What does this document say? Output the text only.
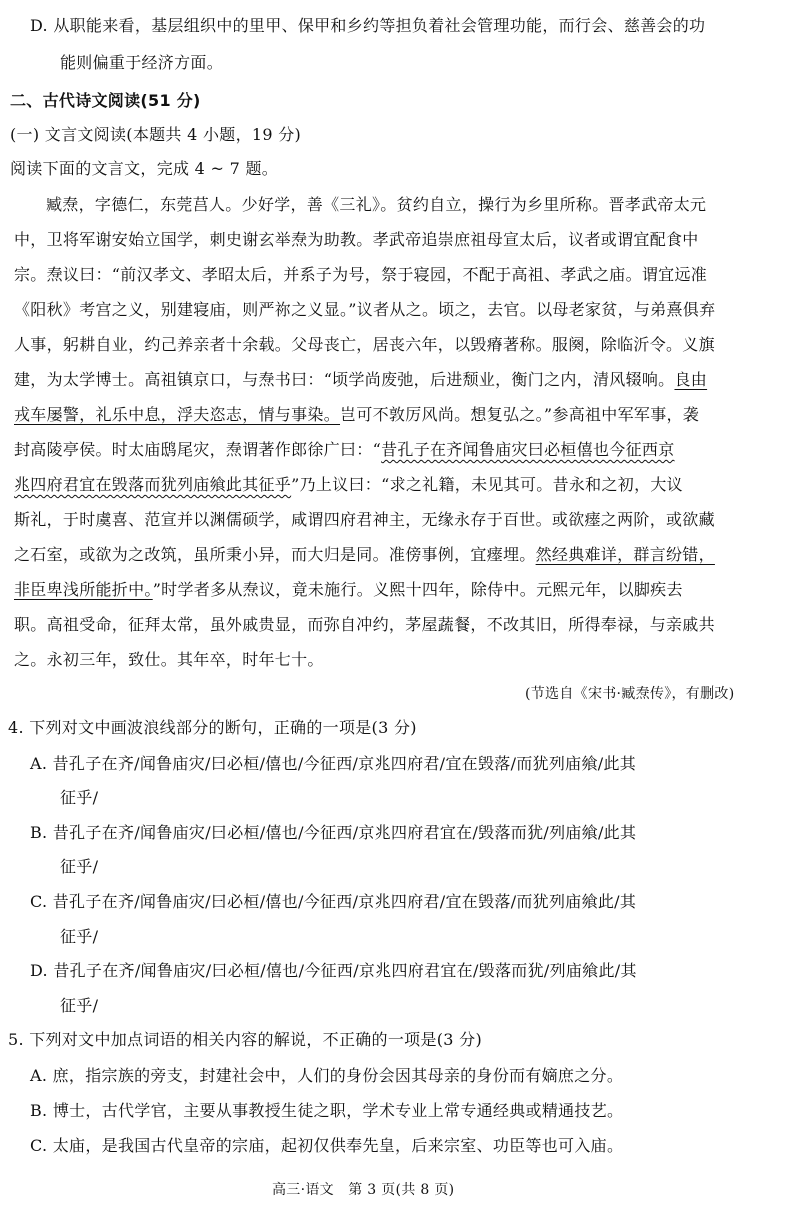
D. 从职能来看，基层组织中的里甲、保甲和乡约等担负着社会管理功能，而行会、慈善会的功

能则偏重于经济方面。

二、古代诗文阅读(51 分)

(一) 文言文阅读(本题共 4 小题，19 分)

阅读下面的文言文，完成 4 ~ 7 题。

臧焘，字德仁，东莞莒人。少好学，善《三礼》。贫约自立，操行为乡里所称。晋孝武帝太元

中，卫将军谢安始立国学，刺史谢玄举焘为助教。孝武帝追崇庶祖母宣太后，议者或谓宜配食中

宗。焘议曰：“前汉孝文、孝昭太后，并系子为号，祭于寝园，不配于高祖、孝武之庙。谓宜远准

《阳秋》考宫之义，别建寝庙，则严祢之义显。”议者从之。顷之，去官。以母老家贫，与弟熹俱弃

人事，躬耕自业，约己养亲者十余载。父母丧亡，居丧六年，以毁瘠著称。服阕，除临沂令。义旗

建，为太学博士。高祖镇京口，与焘书曰：“顷学尚废弛，后进颓业，衡门之内，清风辍响。良由

戎车屡警，礼乐中息，浮夫恣志，情与事染。岂可不敦厉风尚。想复弘之。”参高祖中军军事，袭

封高陵亭侯。时太庙鸱尾灾，焘谓著作郎徐广曰：“昔孔子在齐闻鲁庙灾曰必桓僖也今征西京

兆四府君宜在毁落而犹列庙飨此其征乎”乃上议曰：“求之礼籍，未见其可。昔永和之初，大议

斯礼，于时虞喜、范宣并以渊儒硕学，咸谓四府君神主，无缘永存于百世。或欲瘗之两阶，或欲藏

之石室，或欲为之改筑，虽所秉小异，而大归是同。准傍事例，宜瘗埋。然经典难详，群言纷错，

非臣卑浅所能折中。”时学者多从焘议，竟未施行。义熙十四年，除侍中。元熙元年，以脚疾去

职。高祖受命，征拜太常，虽外戚贵显，而弥自冲约，茅屋蔬餐，不改其旧，所得奉禄，与亲戚共

之。永初三年，致仕。其年卒，时年七十。

(节选自《宋书·臧焘传》，有删改)

4. 下列对文中画波浪线部分的断句，正确的一项是(3 分)

A. 昔孔子在齐/闻鲁庙灾/曰必桓/僖也/今征西/京兆四府君/宜在毁落/而犹列庙飨/此其

征乎/

B. 昔孔子在齐/闻鲁庙灾/曰必桓/僖也/今征西/京兆四府君宜在/毁落而犹/列庙飨/此其

征乎/

C. 昔孔子在齐/闻鲁庙灾/曰必桓/僖也/今征西/京兆四府君/宜在毁落/而犹列庙飨此/其

征乎/

D. 昔孔子在齐/闻鲁庙灾/曰必桓/僖也/今征西/京兆四府君宜在/毁落而犹/列庙飨此/其

征乎/

5. 下列对文中加点词语的相关内容的解说，不正确的一项是(3 分)

A. 庶，指宗族的旁支，封建社会中，人们的身份会因其母亲的身份而有嫡庶之分。

B. 博士，古代学官，主要从事教授生徒之职，学术专业上常专通经典或精通技艺。

C. 太庙，是我国古代皇帝的宗庙，起初仅供奉先皇，后来宗室、功臣等也可入庙。

高三·语文　第 3 页(共 8 页)
